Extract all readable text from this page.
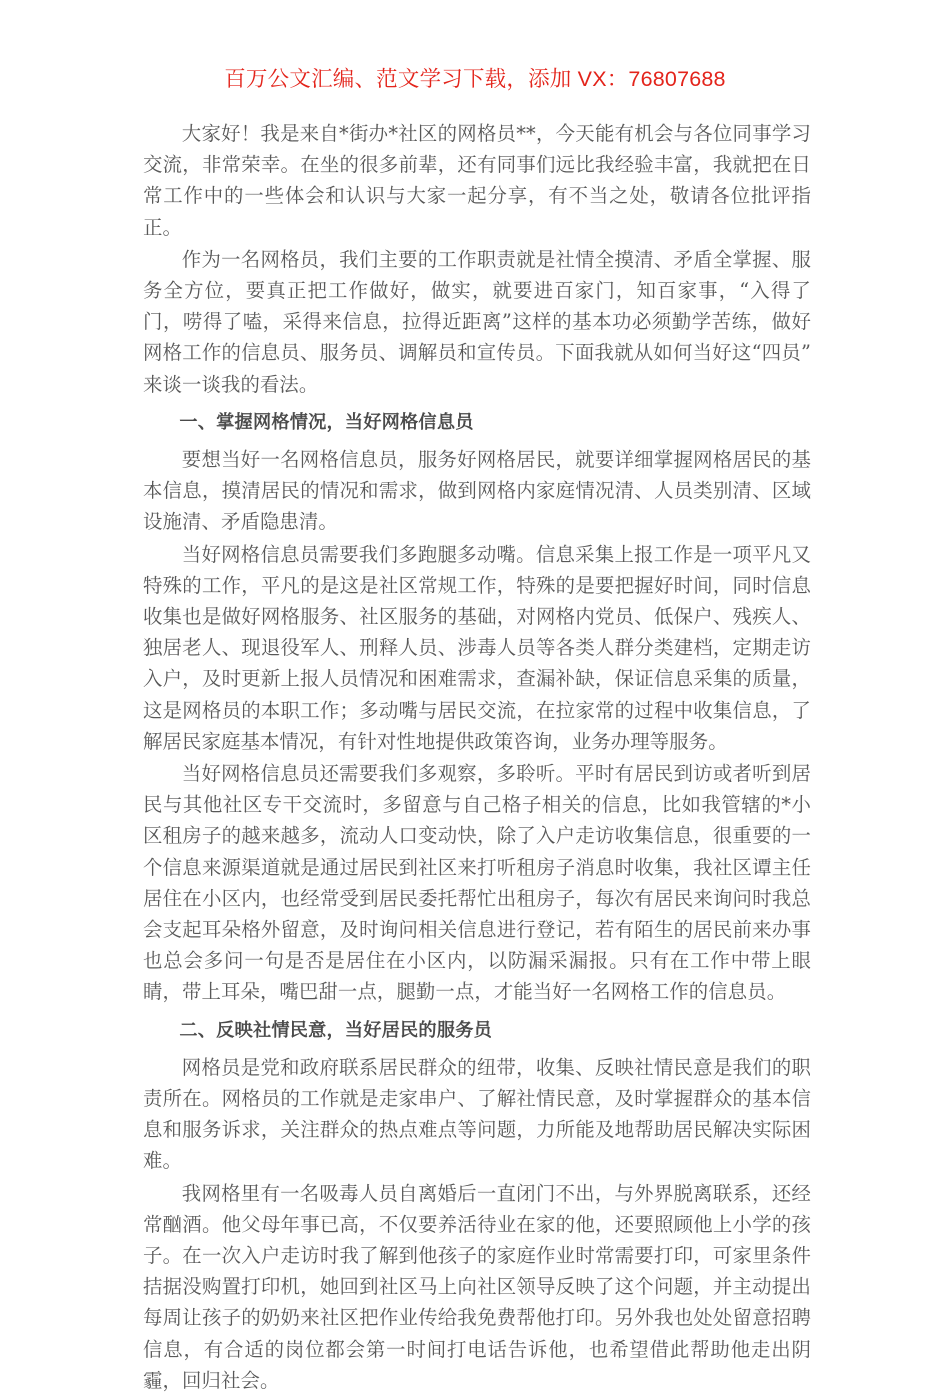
百万公文汇编、范文学习下载，添加 VX：76807688

大家好！我是来自*街办*社区的网格员**，今天能有机会与各位同事学习交流，非常荣幸。在坐的很多前辈，还有同事们远比我经验丰富，我就把在日常工作中的一些体会和认识与大家一起分享，有不当之处，敬请各位批评指正。

作为一名网格员，我们主要的工作职责就是社情全摸清、矛盾全掌握、服务全方位，要真正把工作做好，做实，就要进百家门，知百家事，“入得了门，唠得了嗑，采得来信息，拉得近距离”这样的基本功必须勤学苦练，做好网格工作的信息员、服务员、调解员和宣传员。下面我就从如何当好这“四员”来谈一谈我的看法。

一、掌握网格情况，当好网格信息员

要想当好一名网格信息员，服务好网格居民，就要详细掌握网格居民的基本信息，摸清居民的情况和需求，做到网格内家庭情况清、人员类别清、区域设施清、矛盾隐患清。

当好网格信息员需要我们多跑腿多动嘴。信息采集上报工作是一项平凡又特殊的工作，平凡的是这是社区常规工作，特殊的是要把握好时间，同时信息收集也是做好网格服务、社区服务的基础，对网格内党员、低保户、残疾人、独居老人、现退役军人、刑释人员、涉毒人员等各类人群分类建档，定期走访入户，及时更新上报人员情况和困难需求，查漏补缺，保证信息采集的质量，这是网格员的本职工作；多动嘴与居民交流，在拉家常的过程中收集信息，了解居民家庭基本情况，有针对性地提供政策咨询，业务办理等服务。

当好网格信息员还需要我们多观察，多聆听。平时有居民到访或者听到居民与其他社区专干交流时，多留意与自己格子相关的信息，比如我管辖的*小区租房子的越来越多，流动人口变动快，除了入户走访收集信息，很重要的一个信息来源渠道就是通过居民到社区来打听租房子消息时收集，我社区谭主任居住在小区内，也经常受到居民委托帮忙出租房子，每次有居民来询问时我总会支起耳朵格外留意，及时询问相关信息进行登记，若有陌生的居民前来办事也总会多问一句是否是居住在小区内，以防漏采漏报。只有在工作中带上眼睛，带上耳朵，嘴巴甜一点，腿勤一点，才能当好一名网格工作的信息员。

二、反映社情民意，当好居民的服务员

网格员是党和政府联系居民群众的纽带，收集、反映社情民意是我们的职责所在。网格员的工作就是走家串户、了解社情民意，及时掌握群众的基本信息和服务诉求，关注群众的热点难点等问题，力所能及地帮助居民解决实际困难。

我网格里有一名吸毒人员自离婚后一直闭门不出，与外界脱离联系，还经常酗酒。他父母年事已高，不仅要养活待业在家的他，还要照顾他上小学的孩子。在一次入户走访时我了解到他孩子的家庭作业时常需要打印，可家里条件拮据没购置打印机，她回到社区马上向社区领导反映了这个问题，并主动提出每周让孩子的奶奶来社区把作业传给我免费帮他打印。另外我也处处留意招聘信息，有合适的岗位都会第一时间打电话告诉他，也希望借此帮助他走出阴霾，回归社会。
